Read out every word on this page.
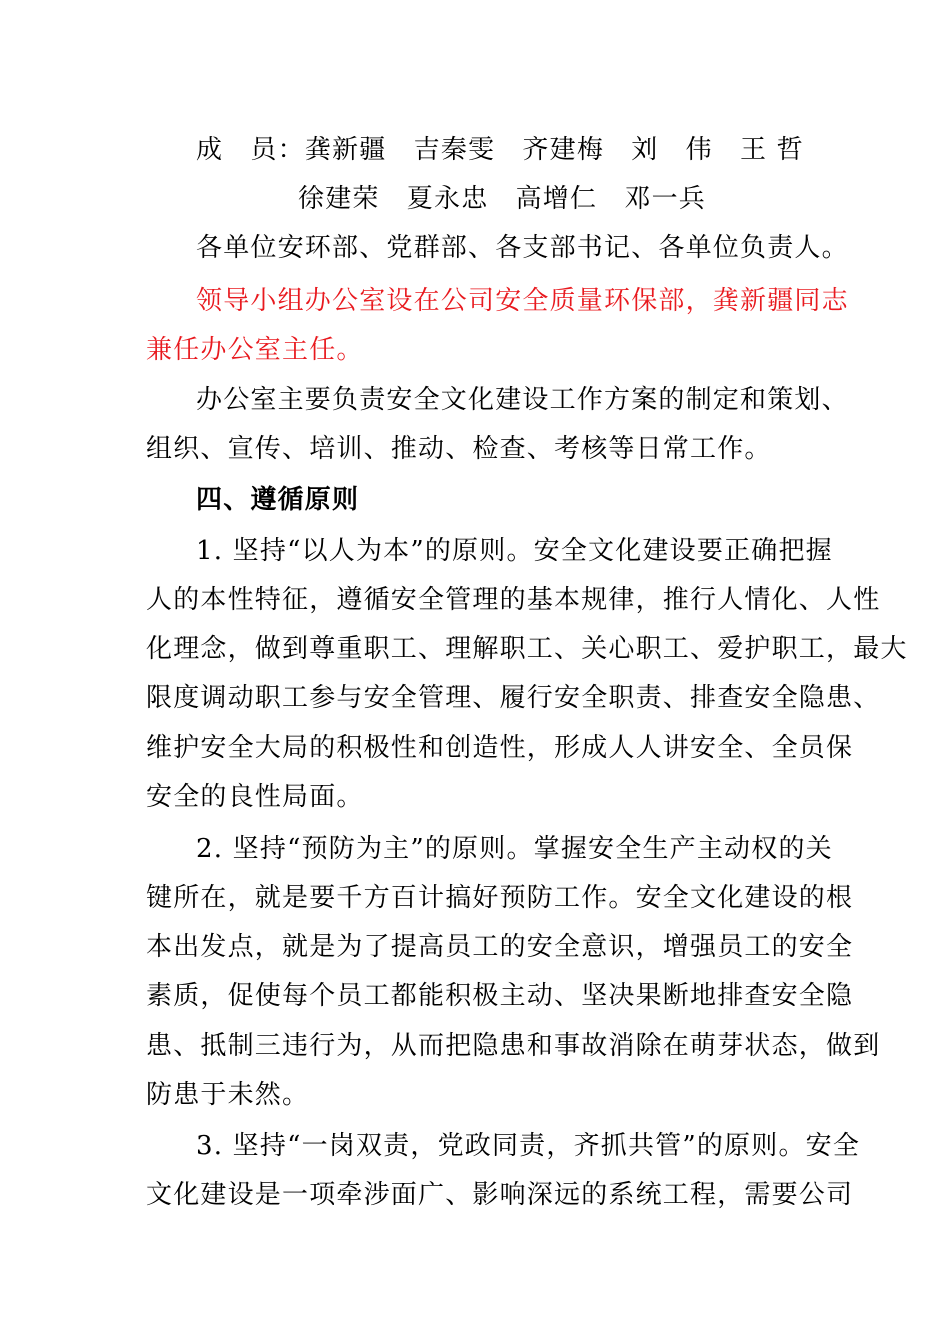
成　员：龚新疆　吉秦雯　齐建梅　刘　伟　王 哲
徐建荣　夏永忠　高增仁　邓一兵
各单位安环部、党群部、各支部书记、各单位负责人。
领导小组办公室设在公司安全质量环保部，龚新疆同志
兼任办公室主任。
办公室主要负责安全文化建设工作方案的制定和策划、
组织、宣传、培训、推动、检查、考核等日常工作。
四、遵循原则
1. 坚持“以人为本”的原则。安全文化建设要正确把握
人的本性特征，遵循安全管理的基本规律，推行人情化、人性
化理念，做到尊重职工、理解职工、关心职工、爱护职工，最大
限度调动职工参与安全管理、履行安全职责、排查安全隐患、
维护安全大局的积极性和创造性，形成人人讲安全、全员保
安全的良性局面。
2. 坚持“预防为主”的原则。掌握安全生产主动权的关
键所在，就是要千方百计搞好预防工作。安全文化建设的根
本出发点，就是为了提高员工的安全意识，增强员工的安全
素质，促使每个员工都能积极主动、坚决果断地排查安全隐
患、抵制三违行为，从而把隐患和事故消除在萌芽状态，做到
防患于未然。
3. 坚持“一岗双责，党政同责，齐抓共管”的原则。安全
文化建设是一项牵涉面广、影响深远的系统工程，需要公司
